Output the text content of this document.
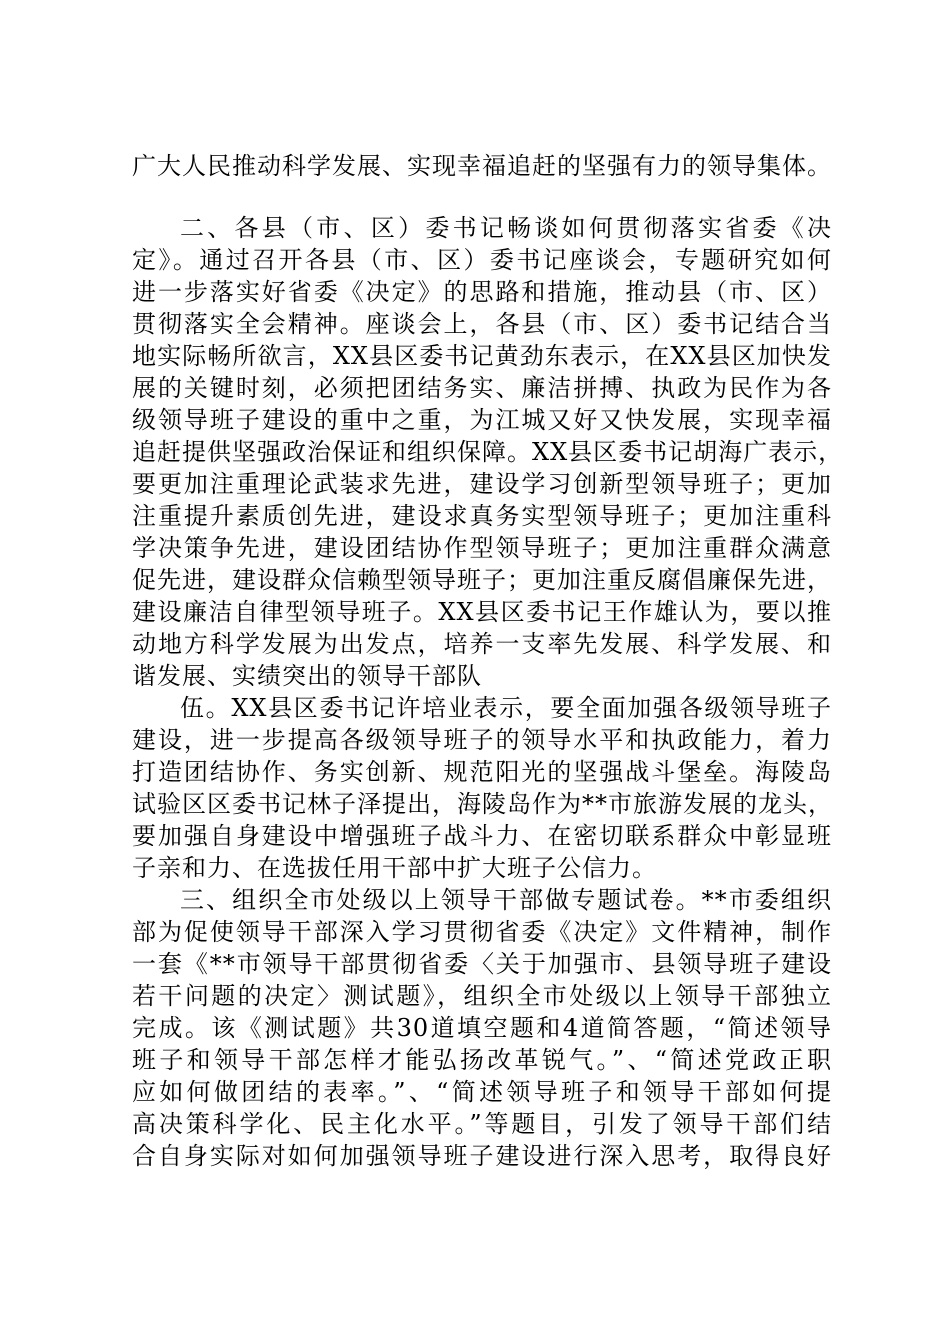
广大人民推动科学发展、实现幸福追赶的坚强有力的领导集体。
二、各县（市、区）委书记畅谈如何贯彻落实省委《决
定》。通过召开各县（市、区）委书记座谈会，专题研究如何
进一步落实好省委《决定》的思路和措施，推动县（市、区）
贯彻落实全会精神。座谈会上，各县（市、区）委书记结合当
地实际畅所欲言，XX县区委书记黄劲东表示，在XX县区加快发
展的关键时刻，必须把团结务实、廉洁拼搏、执政为民作为各
级领导班子建设的重中之重，为江城又好又快发展，实现幸福
追赶提供坚强政治保证和组织保障。XX县区委书记胡海广表示，
要更加注重理论武装求先进，建设学习创新型领导班子；更加
注重提升素质创先进，建设求真务实型领导班子；更加注重科
学决策争先进，建设团结协作型领导班子；更加注重群众满意
促先进，建设群众信赖型领导班子；更加注重反腐倡廉保先进，
建设廉洁自律型领导班子。XX县区委书记王作雄认为，要以推
动地方科学发展为出发点，培养一支率先发展、科学发展、和
谐发展、实绩突出的领导干部队
伍。XX县区委书记许培业表示，要全面加强各级领导班子
建设，进一步提高各级领导班子的领导水平和执政能力，着力
打造团结协作、务实创新、规范阳光的坚强战斗堡垒。海陵岛
试验区区委书记林子泽提出，海陵岛作为**市旅游发展的龙头，
要加强自身建设中增强班子战斗力、在密切联系群众中彰显班
子亲和力、在选拔任用干部中扩大班子公信力。
三、组织全市处级以上领导干部做专题试卷。**市委组织
部为促使领导干部深入学习贯彻省委《决定》文件精神，制作
一套《**市领导干部贯彻省委〈关于加强市、县领导班子建设
若干问题的决定〉测试题》，组织全市处级以上领导干部独立
完成。该《测试题》共30道填空题和4道简答题，“简述领导
班子和领导干部怎样才能弘扬改革锐气。”、“简述党政正职
应如何做团结的表率。”、“简述领导班子和领导干部如何提
高决策科学化、民主化水平。”等题目，引发了领导干部们结
合自身实际对如何加强领导班子建设进行深入思考，取得良好
